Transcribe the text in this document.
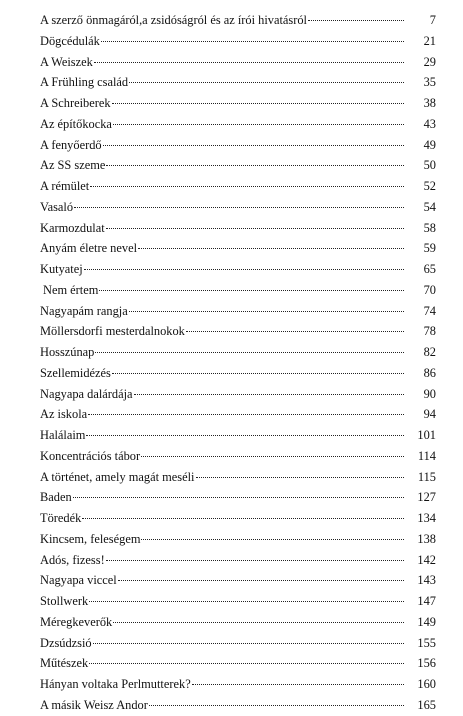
A szerző önmagáról,a zsidóságról és az írói hivatásról	7
Dögcédulák	21
A Weiszek	29
A Frühling család	35
A Schreiberek	38
Az építőkocka	43
A fenyőerdő	49
Az SS szeme	50
A rémület	52
Vasaló	54
Karmozdulat	58
Anyám életre nevel	59
Kutyatej	65
Nem értem	70
Nagyapám rangja	74
Möllersdorfi mesterdalnokok	78
Hosszúnap	82
Szellemidézés	86
Nagyapa dalárdája	90
Az iskola	94
Halálaim	101
Koncentrációs tábor	114
A történet, amely magát meséli	115
Baden	127
Töredék	134
Kincsem, feleségem	138
Adós, fizess!	142
Nagyapa viccel	143
Stollwerk	147
Méregkeverők	149
Dzsúdzsió	155
Műtészek	156
Hányan voltaka Perlmutterek?	160
A másik Weisz Andor	165
